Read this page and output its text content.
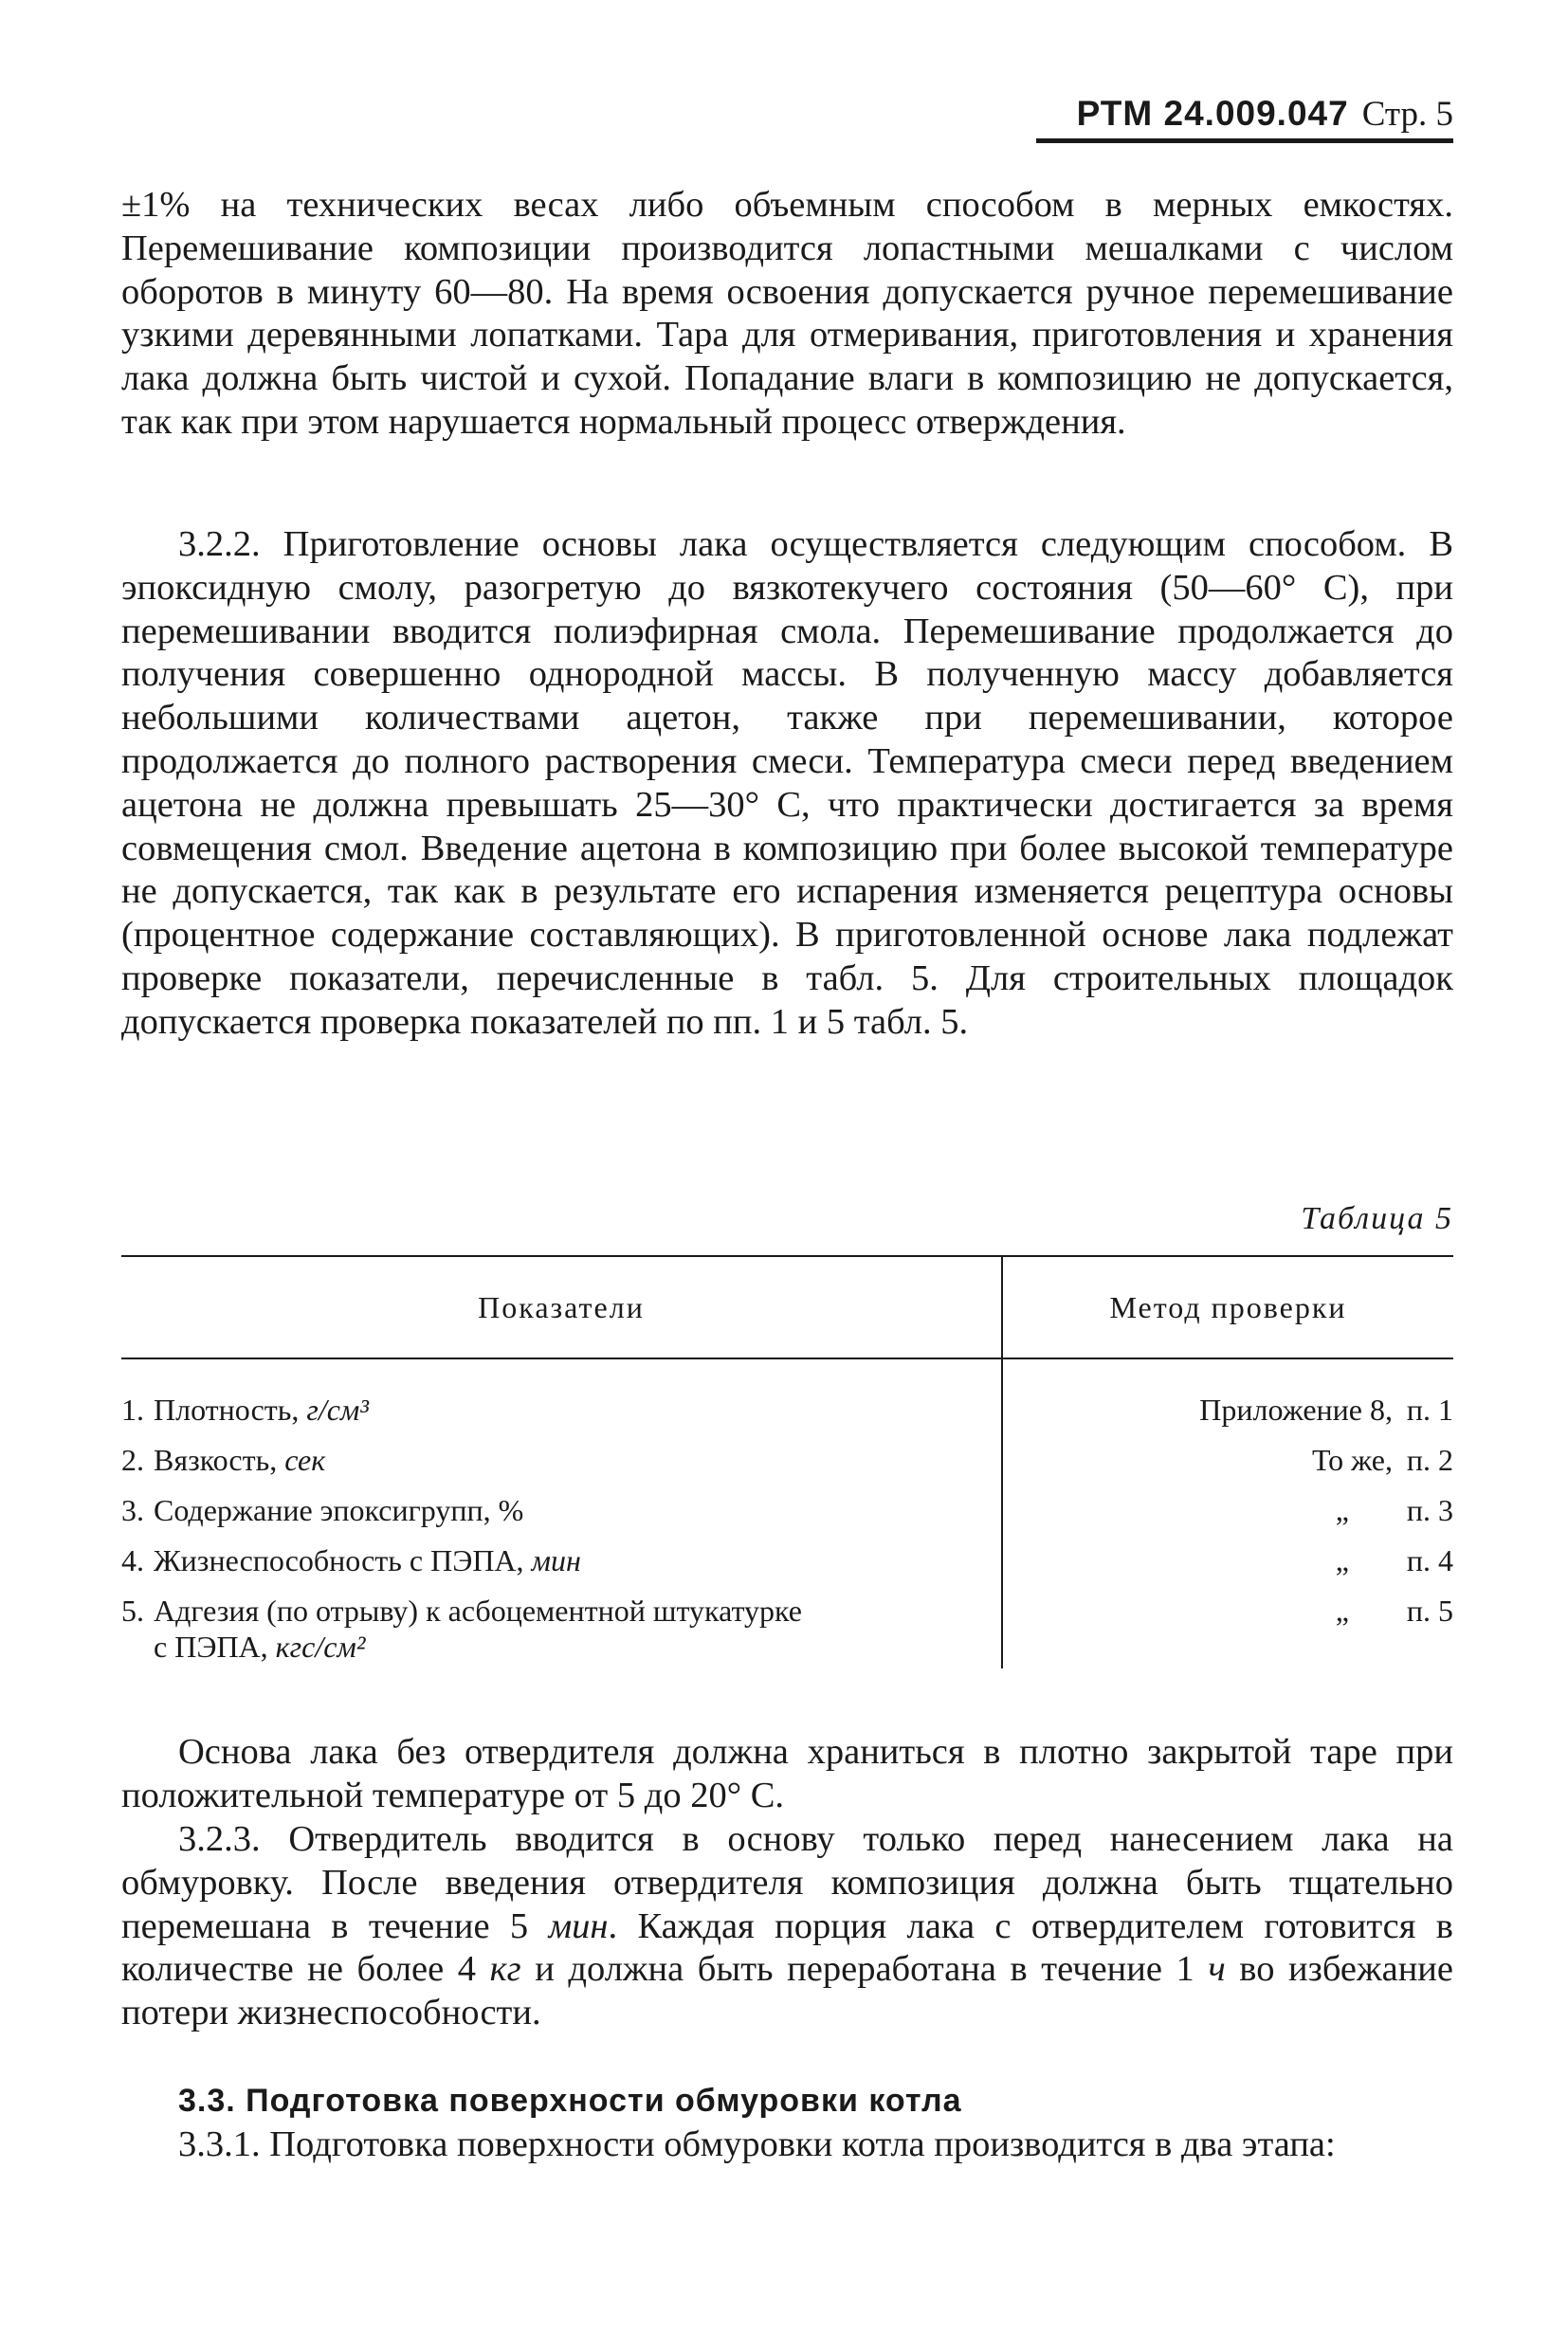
РТМ 24.009.047 Стр. 5

±1% на технических весах либо объемным способом в мерных емкостях. Перемешивание композиции производится лопастными мешалками с числом оборотов в минуту 60—80. На время освоения допускается ручное перемешивание узкими деревянными лопатками. Тара для отмеривания, приготовления и хранения лака должна быть чистой и сухой. Попадание влаги в композицию не допускается, так как при этом нарушается нормальный процесс отверждения.

3.2.2. Приготовление основы лака осуществляется следующим способом. В эпоксидную смолу, разогретую до вязкотекучего состояния (50—60° С), при перемешивании вводится полиэфирная смола. Перемешивание продолжается до получения совершенно однородной массы. В полученную массу добавляется небольшими количествами ацетон, также при перемешивании, которое продолжается до полного растворения смеси. Температура смеси перед введением ацетона не должна превышать 25—30° С, что практически достигается за время совмещения смол. Введение ацетона в композицию при более высокой температуре не допускается, так как в результате его испарения изменяется рецептура основы (процентное содержание составляющих). В приготовленной основе лака подлежат проверке показатели, перечисленные в табл. 5. Для строительных площадок допускается проверка показателей по пп. 1 и 5 табл. 5.

Таблица 5
Показатели	Метод проверки
1. Плотность, г/см³	Приложение 8, п. 1

2. Вязкость, сек	То же, п. 2

3. Содержание эпоксигрупп, %	„ п. 3

4. Жизнеспособность с ПЭПА, мин	„ п. 4

5. Адгезия (по отрыву) к асбоцементной штукатурке
с ПЭПА, кгс/см²	„ п. 5

Основа лака без отвердителя должна храниться в плотно закрытой таре при положительной температуре от 5 до 20° С.

3.2.3. Отвердитель вводится в основу только перед нанесением лака на обмуровку. После введения отвердителя композиция должна быть тщательно перемешана в течение 5 мин. Каждая порция лака с отвердителем готовится в количестве не более 4 кг и должна быть переработана в течение 1 ч во избежание потери жизнеспособности.

3.3. Подготовка поверхности обмуровки котла

3.3.1. Подготовка поверхности обмуровки котла производится в два этапа:
